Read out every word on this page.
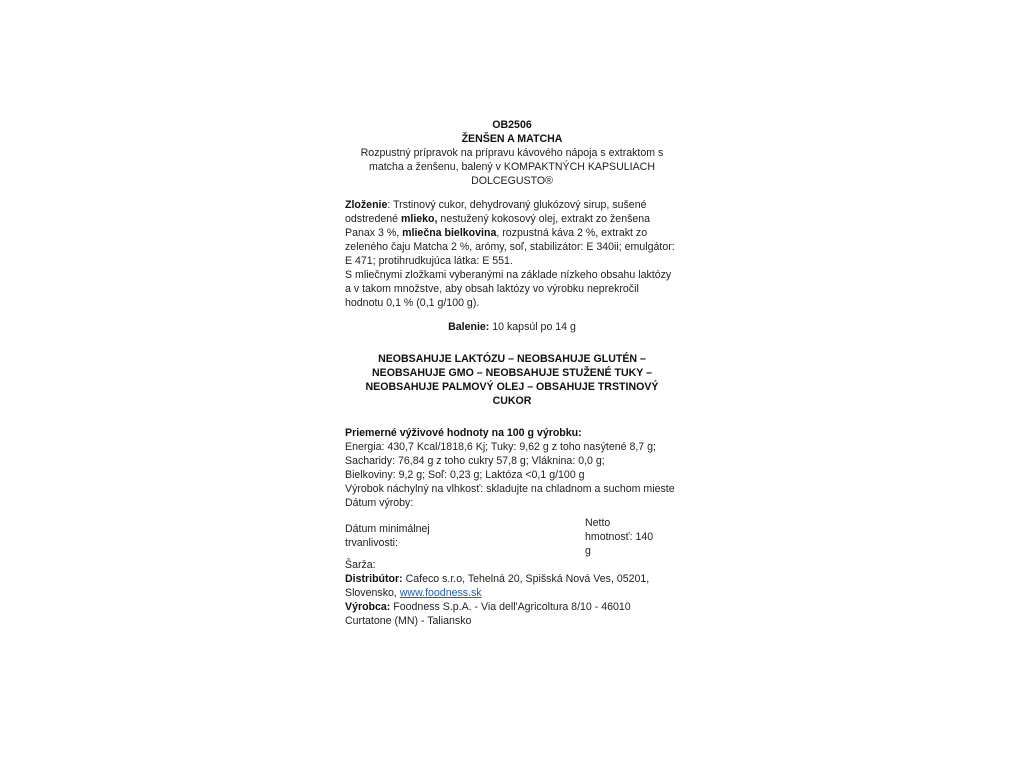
OB2506
ŽENŠEN A MATCHA
Rozpustný prípravok na prípravu kávového nápoja s extraktom s matcha a ženšenu, balený v KOMPAKTNÝCH KAPSULIACH DOLCEGUSTO®

Zloženie: Trstinový cukor, dehydrovaný glukózový sirup, sušené odstredené mlieko, nestužený kokosový olej, extrakt zo ženšena Panax 3 %, mliečna bielkovina, rozpustná káva 2 %, extrakt zo zeleného čaju Matcha 2 %, arómy, soľ, stabilizátor: E 340ii; emulgátor: E 471; protihrudkujúca látka: E 551.

S mliečnymi zložkami vyberanými na základe nízkeho obsahu laktózy a v takom množstve, aby obsah laktózy vo výrobku neprekročil hodnotu 0,1 % (0,1 g/100 g).

Balenie: 10 kapsúl po 14 g
NEOBSAHUJE LAKTÓZU – NEOBSAHUJE GLUTÉN –
NEOBSAHUJE GMO – NEOBSAHUJE STUŽENÉ TUKY –
NEOBSAHUJE PALMOVÝ OLEJ – OBSAHUJE TRSTINOVÝ CUKOR
Priemerné výživové hodnoty na 100 g výrobku:
Energia: 430,7 Kcal/1818,6 Kj; Tuky: 9,62 g z toho nasýtené 8,7 g;
Sacharidy: 76,84 g z toho cukry 57,8 g; Vláknina: 0,0 g;
Bielkoviny: 9,2 g; Soľ: 0,23 g; Laktóza <0,1 g/100 g
Výrobok náchylný na vlhkosť: skladujte na chladnom a suchom mieste
Dátum výroby:
Dátum minimálnej trvanlivosti:
Netto hmotnosť: 140 g
Šarža:

Distribútor: Cafeco s.r.o, Tehelná 20, Spišská Nová Ves, 05201, Slovensko, www.foodness.sk

Výrobca: Foodness S.p.A. - Via dell'Agricoltura 8/10 - 46010 Curtatone (MN) - Taliansko
